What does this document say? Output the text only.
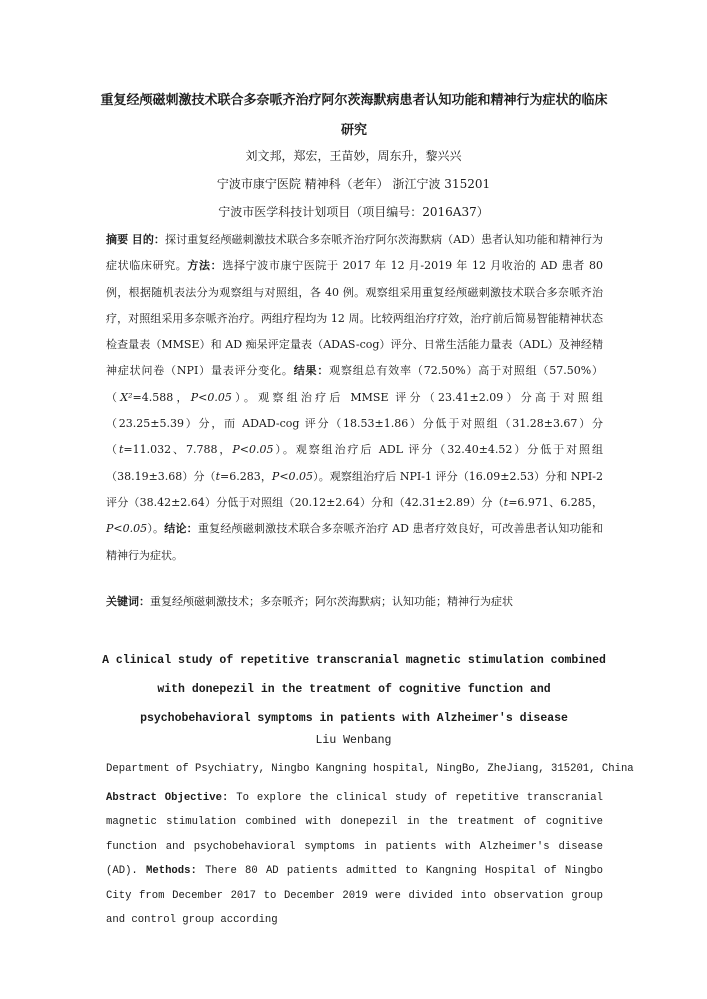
重复经颅磁刺激技术联合多奈哌齐治疗阿尔茨海默病患者认知功能和精神行为症状的临床研究
刘文邦，郑宏，王苗妙，周东升，黎兴兴
宁波市康宁医院 精神科（老年） 浙江宁波 315201
宁波市医学科技计划项目（项目编号：2016A37）

摘要 目的：探讨重复经颅磁刺激技术联合多奈哌齐治疗阿尔茨海默病（AD）患者认知功能和精神行为症状临床研究。方法：选择宁波市康宁医院于 2017 年 12 月-2019 年 12 月收治的 AD 患者 80 例，根据随机表法分为观察组与对照组，各 40 例。观察组采用重复经颅磁刺激技术联合多奈哌齐治疗，对照组采用多奈哌齐治疗。两组疗程均为 12 周。比较两组治疗疗效，治疗前后简易智能精神状态检查量表（MMSE）和 AD 痴呆评定量表（ADAS-cog）评分、日常生活能力量表（ADL）及神经精神症状问卷（NPI）量表评分变化。结果：观察组总有效率（72.50%）高于对照组（57.50%）（X²=4.588，P<0.05）。观察组治疗后 MMSE 评分（23.41±2.09）分高于对照组（23.25±5.39）分，而 ADAD-cog 评分（18.53±1.86）分低于对照组（31.28±3.67）分（t=11.032、7.788，P<0.05）。观察组治疗后 ADL 评分（32.40±4.52）分低于对照组（38.19±3.68）分（t=6.283，P<0.05）。观察组治疗后 NPI-1 评分（16.09±2.53）分和 NPI-2 评分（38.42±2.64）分低于对照组（20.12±2.64）分和（42.31±2.89）分（t=6.971、6.285，P<0.05）。结论：重复经颅磁刺激技术联合多奈哌齐治疗 AD 患者疗效良好，可改善患者认知功能和精神行为症状。

关键词：重复经颅磁刺激技术；多奈哌齐；阿尔茨海默病；认知功能；精神行为症状
A clinical study of repetitive transcranial magnetic stimulation combined with donepezil in the treatment of cognitive function and psychobehavioral symptoms in patients with Alzheimer's disease
Liu Wenbang
Department of Psychiatry, Ningbo Kangning hospital, NingBo, ZheJiang, 315201, China

Abstract Objective: To explore the clinical study of repetitive transcranial magnetic stimulation combined with donepezil in the treatment of cognitive function and psychobehavioral symptoms in patients with Alzheimer's disease (AD). Methods: There 80 AD patients admitted to Kangning Hospital of Ningbo City from December 2017 to December 2019 were divided into observation group and control group according
